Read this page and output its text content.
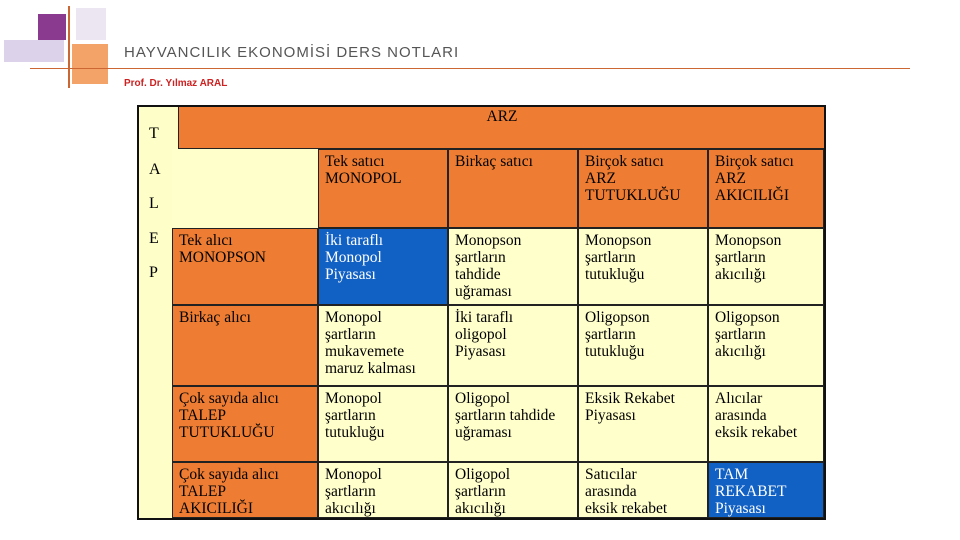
HAYVANCILIK EKONOMİSİ DERS NOTLARI
Prof. Dr. Yılmaz ARAL
ARZ
Tek satıcı
MONOPOL
Birkaç satıcı	Birçok satıcı
ARZ
TUTUKLUĞU
Birçok satıcı
ARZ
AKICILIĞI
T
A
L
E
P
Tek alıcı
MONOPSON
İki taraflı
Monopol
Piyasası
Monopson
şartların
tahdide
uğraması
Monopson
şartların
tutukluğu
Monopson
şartların
akıcılığı
Birkaç alıcı	Monopol
şartların
mukavemete
maruz kalması
İki taraflı
oligopol
Piyasası
Oligopson
şartların
tutukluğu
Oligopson
şartların
akıcılığı
Çok sayıda alıcı
TALEP
TUTUKLUĞU
Monopol
şartların
tutukluğu
Oligopol
şartların tahdide
uğraması
Eksik Rekabet
Piyasası
Alıcılar
arasında
eksik rekabet
Çok sayıda alıcı
TALEP
AKICILIĞI
Monopol
şartların
akıcılığı
Oligopol
şartların
akıcılığı
Satıcılar
arasında
eksik rekabet
TAM
REKABET
Piyasası
